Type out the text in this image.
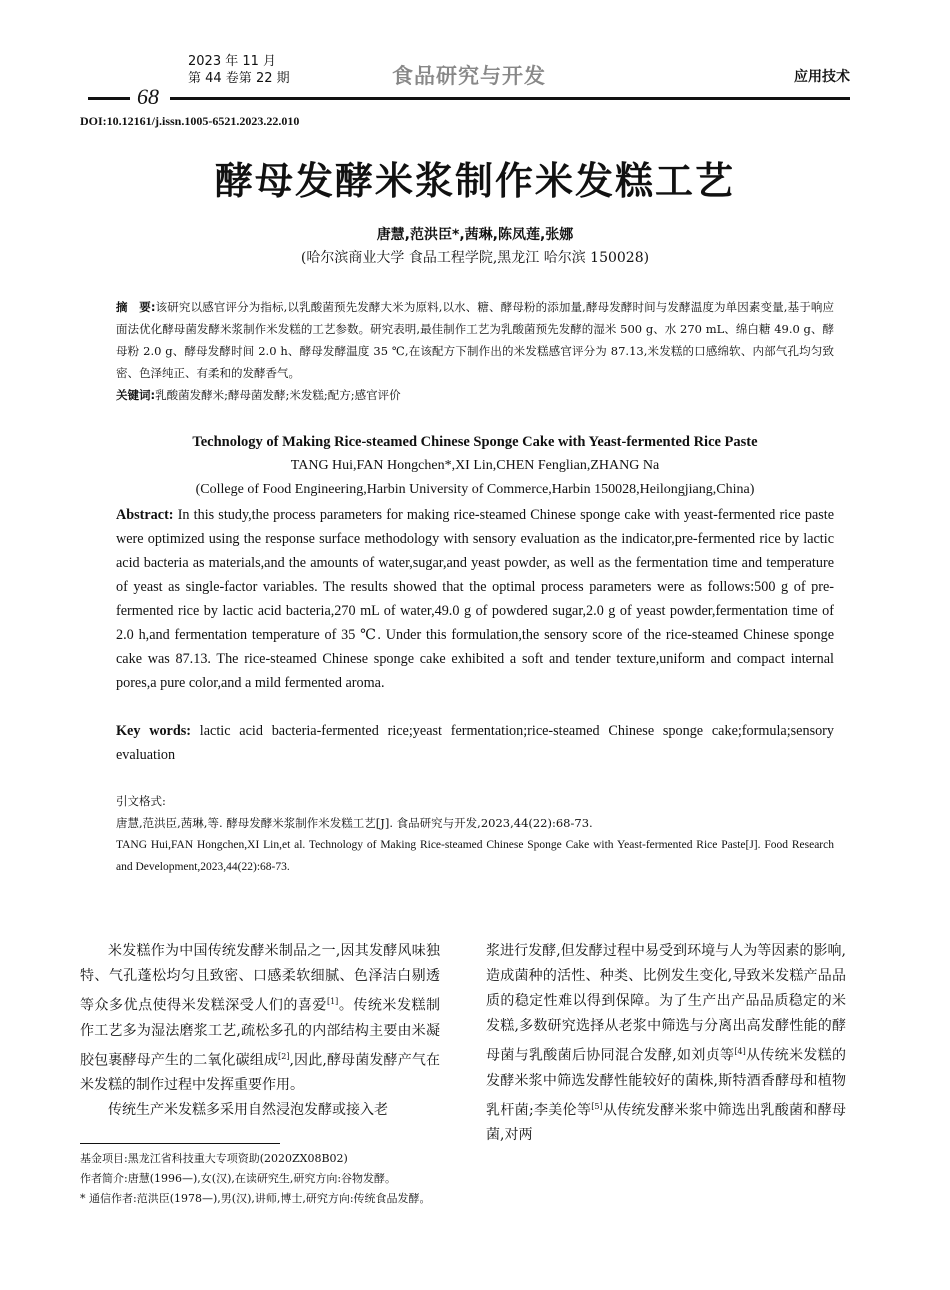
2023 年 11 月
第 44 卷第 22 期	食品研究与开发	应用技术
68
DOI:10.12161/j.issn.1005-6521.2023.22.010
酵母发酵米浆制作米发糕工艺
唐慧,范洪臣*,茜琳,陈凤莲,张娜
(哈尔滨商业大学 食品工程学院,黑龙江 哈尔滨 150028)
摘　要:该研究以感官评分为指标,以乳酸菌预先发酵大米为原料,以水、糖、酵母粉的添加量,酵母发酵时间与发酵温度为单因素变量,基于响应面法优化酵母菌发酵米浆制作米发糕的工艺参数。研究表明,最佳制作工艺为乳酸菌预先发酵的湿米 500 g、水 270 mL、绵白糖 49.0 g、酵母粉 2.0 g、酵母发酵时间 2.0 h、酵母发酵温度 35 ℃,在该配方下制作出的米发糕感官评分为 87.13,米发糕的口感绵软、内部气孔均匀致密、色泽纯正、有柔和的发酵香气。
关键词:乳酸菌发酵米;酵母菌发酵;米发糕;配方;感官评价
Technology of Making Rice-steamed Chinese Sponge Cake with Yeast-fermented Rice Paste
TANG Hui,FAN Hongchen*,XI Lin,CHEN Fenglian,ZHANG Na
(College of Food Engineering,Harbin University of Commerce,Harbin 150028,Heilongjiang,China)
Abstract: In this study,the process parameters for making rice-steamed Chinese sponge cake with yeast-fermented rice paste were optimized using the response surface methodology with sensory evaluation as the indicator,pre-fermented rice by lactic acid bacteria as materials,and the amounts of water,sugar,and yeast powder, as well as the fermentation time and temperature of yeast as single-factor variables. The results showed that the optimal process parameters were as follows:500 g of pre-fermented rice by lactic acid bacteria,270 mL of water,49.0 g of powdered sugar,2.0 g of yeast powder,fermentation time of 2.0 h,and fermentation temperature of 35 ℃. Under this formulation,the sensory score of the rice-steamed Chinese sponge cake was 87.13. The rice-steamed Chinese sponge cake exhibited a soft and tender texture,uniform and compact internal pores,a pure color,and a mild fermented aroma.
Key words: lactic acid bacteria-fermented rice;yeast fermentation;rice-steamed Chinese sponge cake;formula;sensory evaluation
引文格式:
唐慧,范洪臣,茜琳,等. 酵母发酵米浆制作米发糕工艺[J]. 食品研究与开发,2023,44(22):68-73.
TANG Hui,FAN Hongchen,XI Lin,et al. Technology of Making Rice-steamed Chinese Sponge Cake with Yeast-fermented Rice Paste[J]. Food Research and Development,2023,44(22):68-73.

米发糕作为中国传统发酵米制品之一,因其发酵风味独特、气孔蓬松均匀且致密、口感柔软细腻、色泽洁白剔透等众多优点使得米发糕深受人们的喜爱[1]。传统米发糕制作工艺多为湿法磨浆工艺,疏松多孔的内部结构主要由米凝胶包裹酵母产生的二氧化碳组成[2],因此,酵母菌发酵产气在米发糕的制作过程中发挥重要作用。

传统生产米发糕多采用自然浸泡发酵或接入老

浆进行发酵,但发酵过程中易受到环境与人为等因素的影响,造成菌种的活性、种类、比例发生变化,导致米发糕产品品质的稳定性难以得到保障。为了生产出产品品质稳定的米发糕,多数研究选择从老浆中筛选与分离出高发酵性能的酵母菌与乳酸菌后协同混合发酵,如刘贞等[4]从传统米发糕的发酵米浆中筛选发酵性能较好的菌株,斯特酒香酵母和植物乳杆菌;李美伦等[5]从传统发酵米浆中筛选出乳酸菌和酵母菌,对两

基金项目:黑龙江省科技重大专项资助(2020ZX08B02)
作者简介:唐慧(1996—),女(汉),在读研究生,研究方向:谷物发酵。
* 通信作者:范洪臣(1978—),男(汉),讲师,博士,研究方向:传统食品发酵。
